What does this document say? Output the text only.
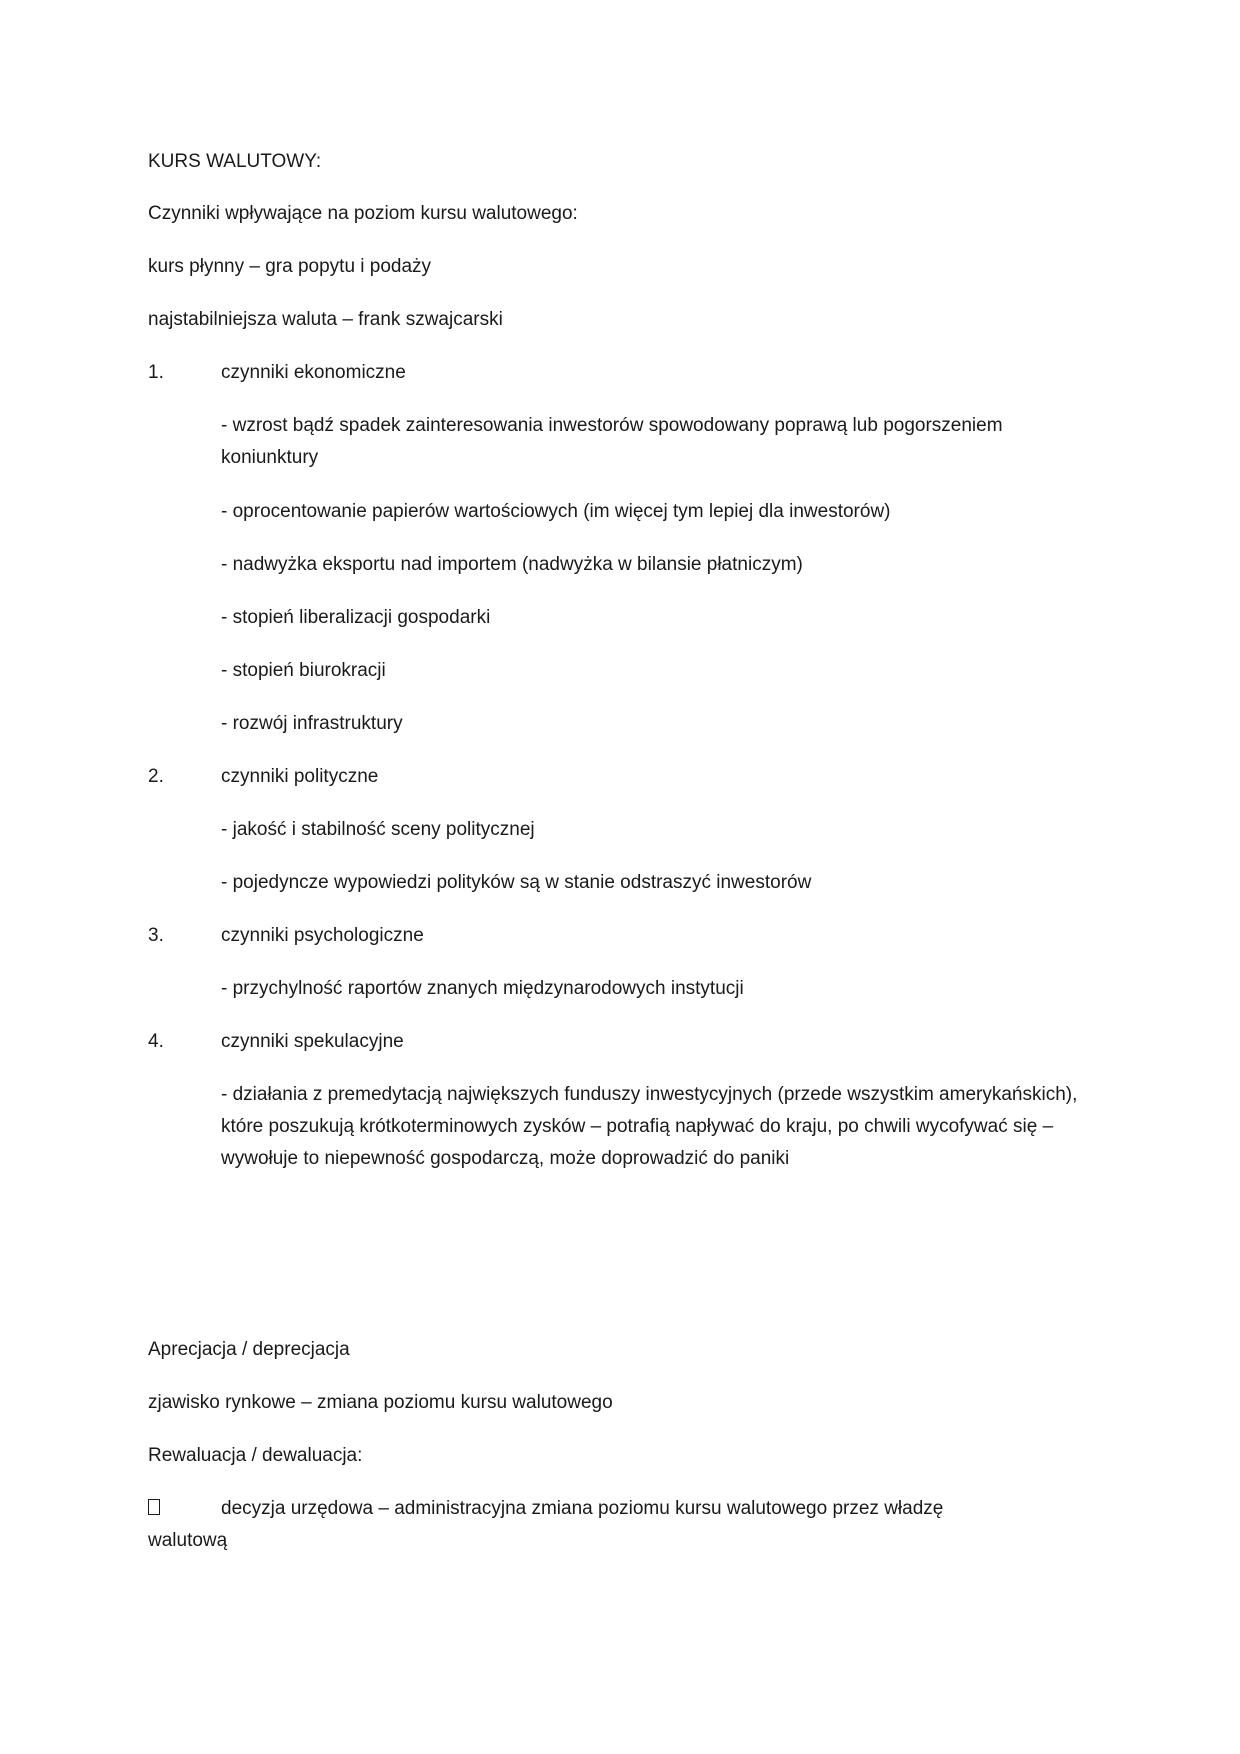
KURS WALUTOWY:
Czynniki wpływające na poziom kursu walutowego:
kurs płynny – gra popytu i podaży
najstabilniejsza waluta – frank szwajcarski
1.	czynniki ekonomiczne
- wzrost bądź spadek zainteresowania inwestorów spowodowany poprawą lub pogorszeniem koniunktury
- oprocentowanie papierów wartościowych (im więcej tym lepiej dla inwestorów)
- nadwyżka eksportu nad importem (nadwyżka w bilansie płatniczym)
- stopień liberalizacji gospodarki
- stopień biurokracji
- rozwój infrastruktury
2.	czynniki polityczne
- jakość i stabilność sceny politycznej
- pojedyncze wypowiedzi polityków są w stanie odstraszyć inwestorów
3.	czynniki psychologiczne
- przychylność raportów znanych międzynarodowych instytucji
4.	czynniki spekulacyjne
- działania z premedytacją największych funduszy inwestycyjnych (przede wszystkim amerykańskich), które poszukują krótkoterminowych zysków – potrafią napływać do kraju, po chwili wycofywać się – wywołuje to niepewność gospodarczą, może doprowadzić do paniki
Aprecjacja / deprecjacja
zjawisko rynkowe – zmiana poziomu kursu walutowego
Rewaluacja / dewaluacja:
decyzja urzędowa – administracyjna zmiana poziomu kursu walutowego przez władzę
walutową
